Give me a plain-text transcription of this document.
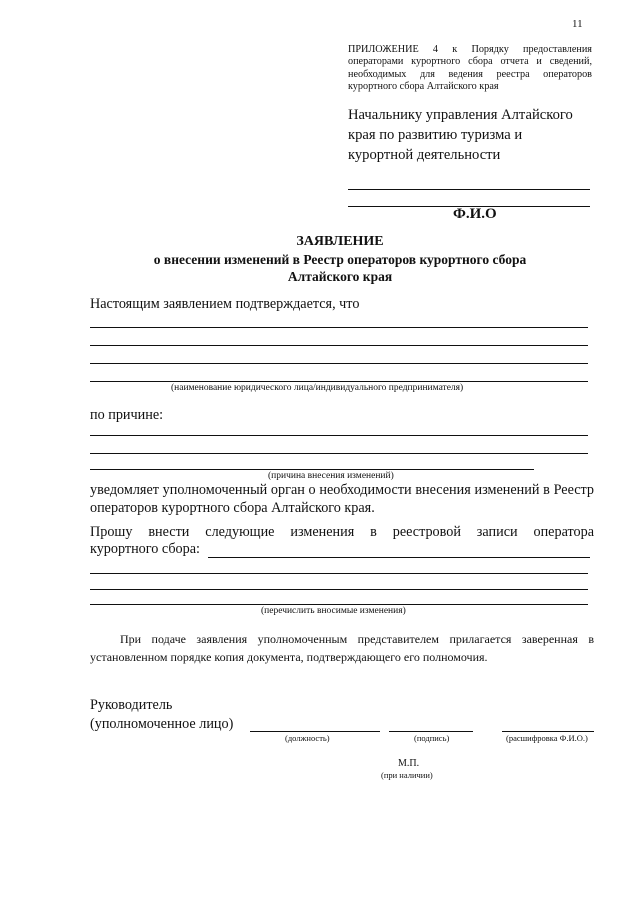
11
ПРИЛОЖЕНИЕ 4 к Порядку предоставления операторами курортного сбора отчета и сведений, необходимых для ведения реестра операторов курортного сбора Алтайского края
Начальнику управления Алтайского
края по развитию туризма и
курортной деятельности
Ф.И.О
ЗАЯВЛЕНИЕ
о внесении изменений в Реестр операторов курортного сбора
Алтайского края
Настоящим заявлением подтверждается, что
(наименование юридического лица/индивидуального предпринимателя)
по причине:
(причина внесения изменений)
уведомляет уполномоченный орган о необходимости внесения изменений в Реестр операторов курортного сбора Алтайского края.
Прошу внести следующие изменения в реестровой записи оператора
курортного сбора:
(перечислить вносимые изменения)
При подаче заявления уполномоченным представителем прилагается заверенная в установленном порядке копия документа, подтверждающего его полномочия.
Руководитель
(уполномоченное лицо)
(должность)	(подпись)	(расшифровка Ф.И.О.)
М.П.
(при наличии)
